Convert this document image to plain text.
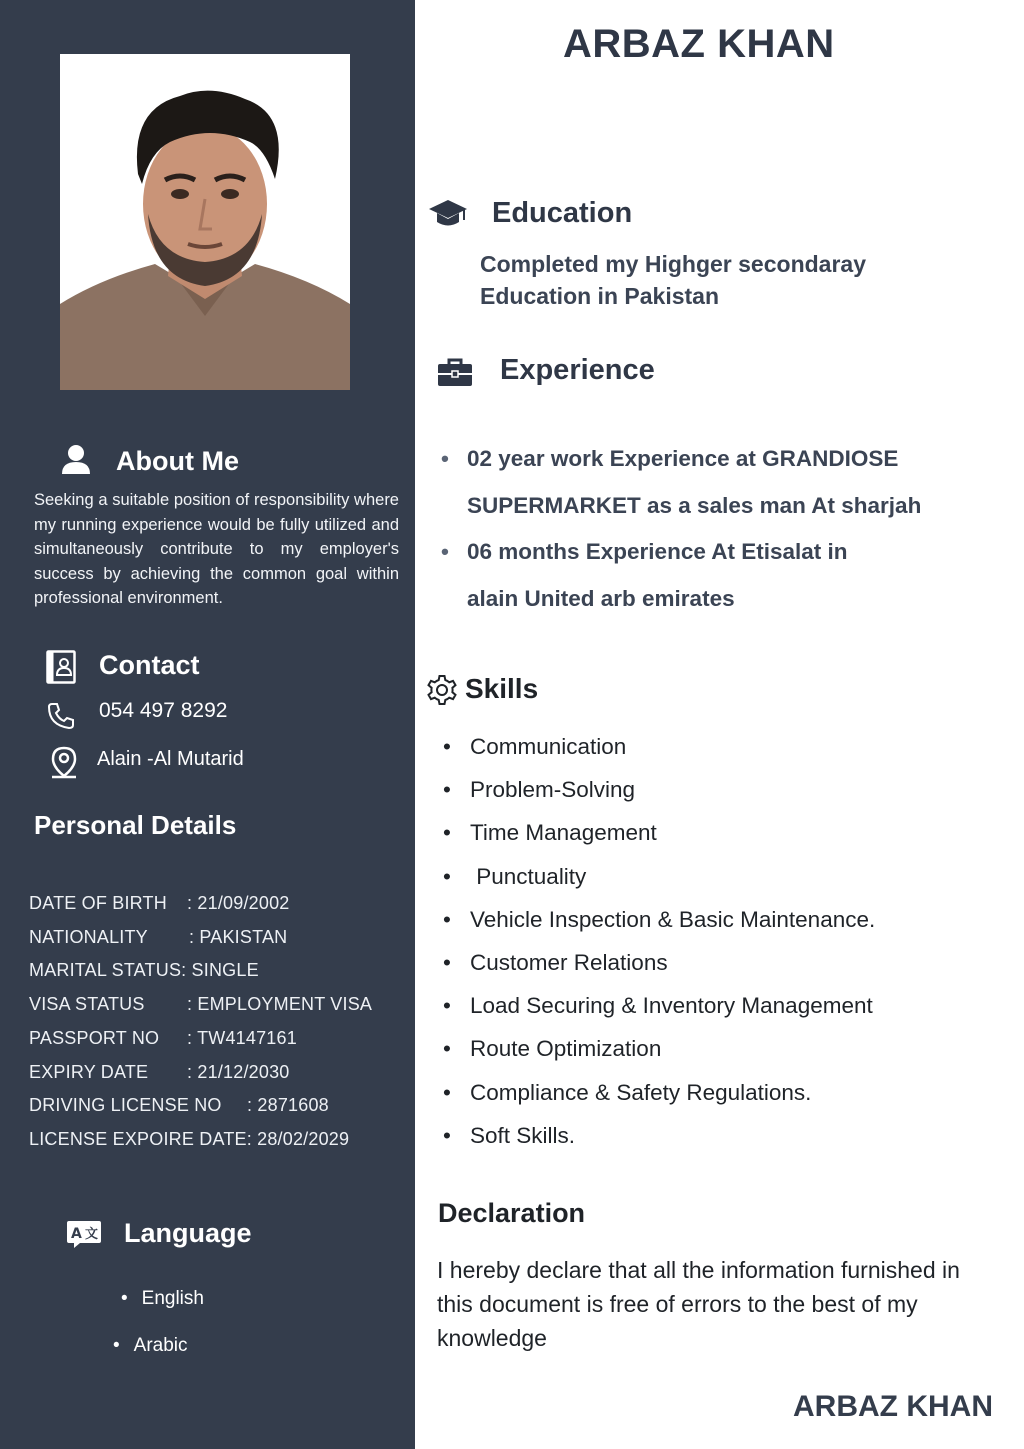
About Me
Seeking a suitable position of responsibility where my running experience would be fully utilized and simultaneously contribute to my employer's success by achieving the common goal within professional environment.
Contact
054 497 8292
Alain -Al Mutarid
Personal Details
DATE OF BIRTH : 21/09/2002
NATIONALITY : PAKISTAN
MARITAL STATUS: SINGLE
VISA STATUS : EMPLOYMENT VISA
PASSPORT NO : TW4147161
EXPIRY DATE : 21/12/2030
DRIVING LICENSE NO : 2871608
LICENSE EXPOIRE DATE: 28/02/2029
A 文 Language
• English
• Arabic
ARBAZ KHAN
Education
Completed my Highger secondaray Education in Pakistan
Experience
• 02 year work Experience at GRANDIOSE
SUPERMARKET as a sales man At sharjah
• 06 months Experience At Etisalat in
alain United arb emirates
Skills
• Communication
• Problem-Solving
• Time Management
•  Punctuality
• Vehicle Inspection & Basic Maintenance.
• Customer Relations
• Load Securing & Inventory Management
• Route Optimization
• Compliance & Safety Regulations.
• Soft Skills.
Declaration
I hereby declare that all the information furnished in this document is free of errors to the best of my knowledge
ARBAZ KHAN
